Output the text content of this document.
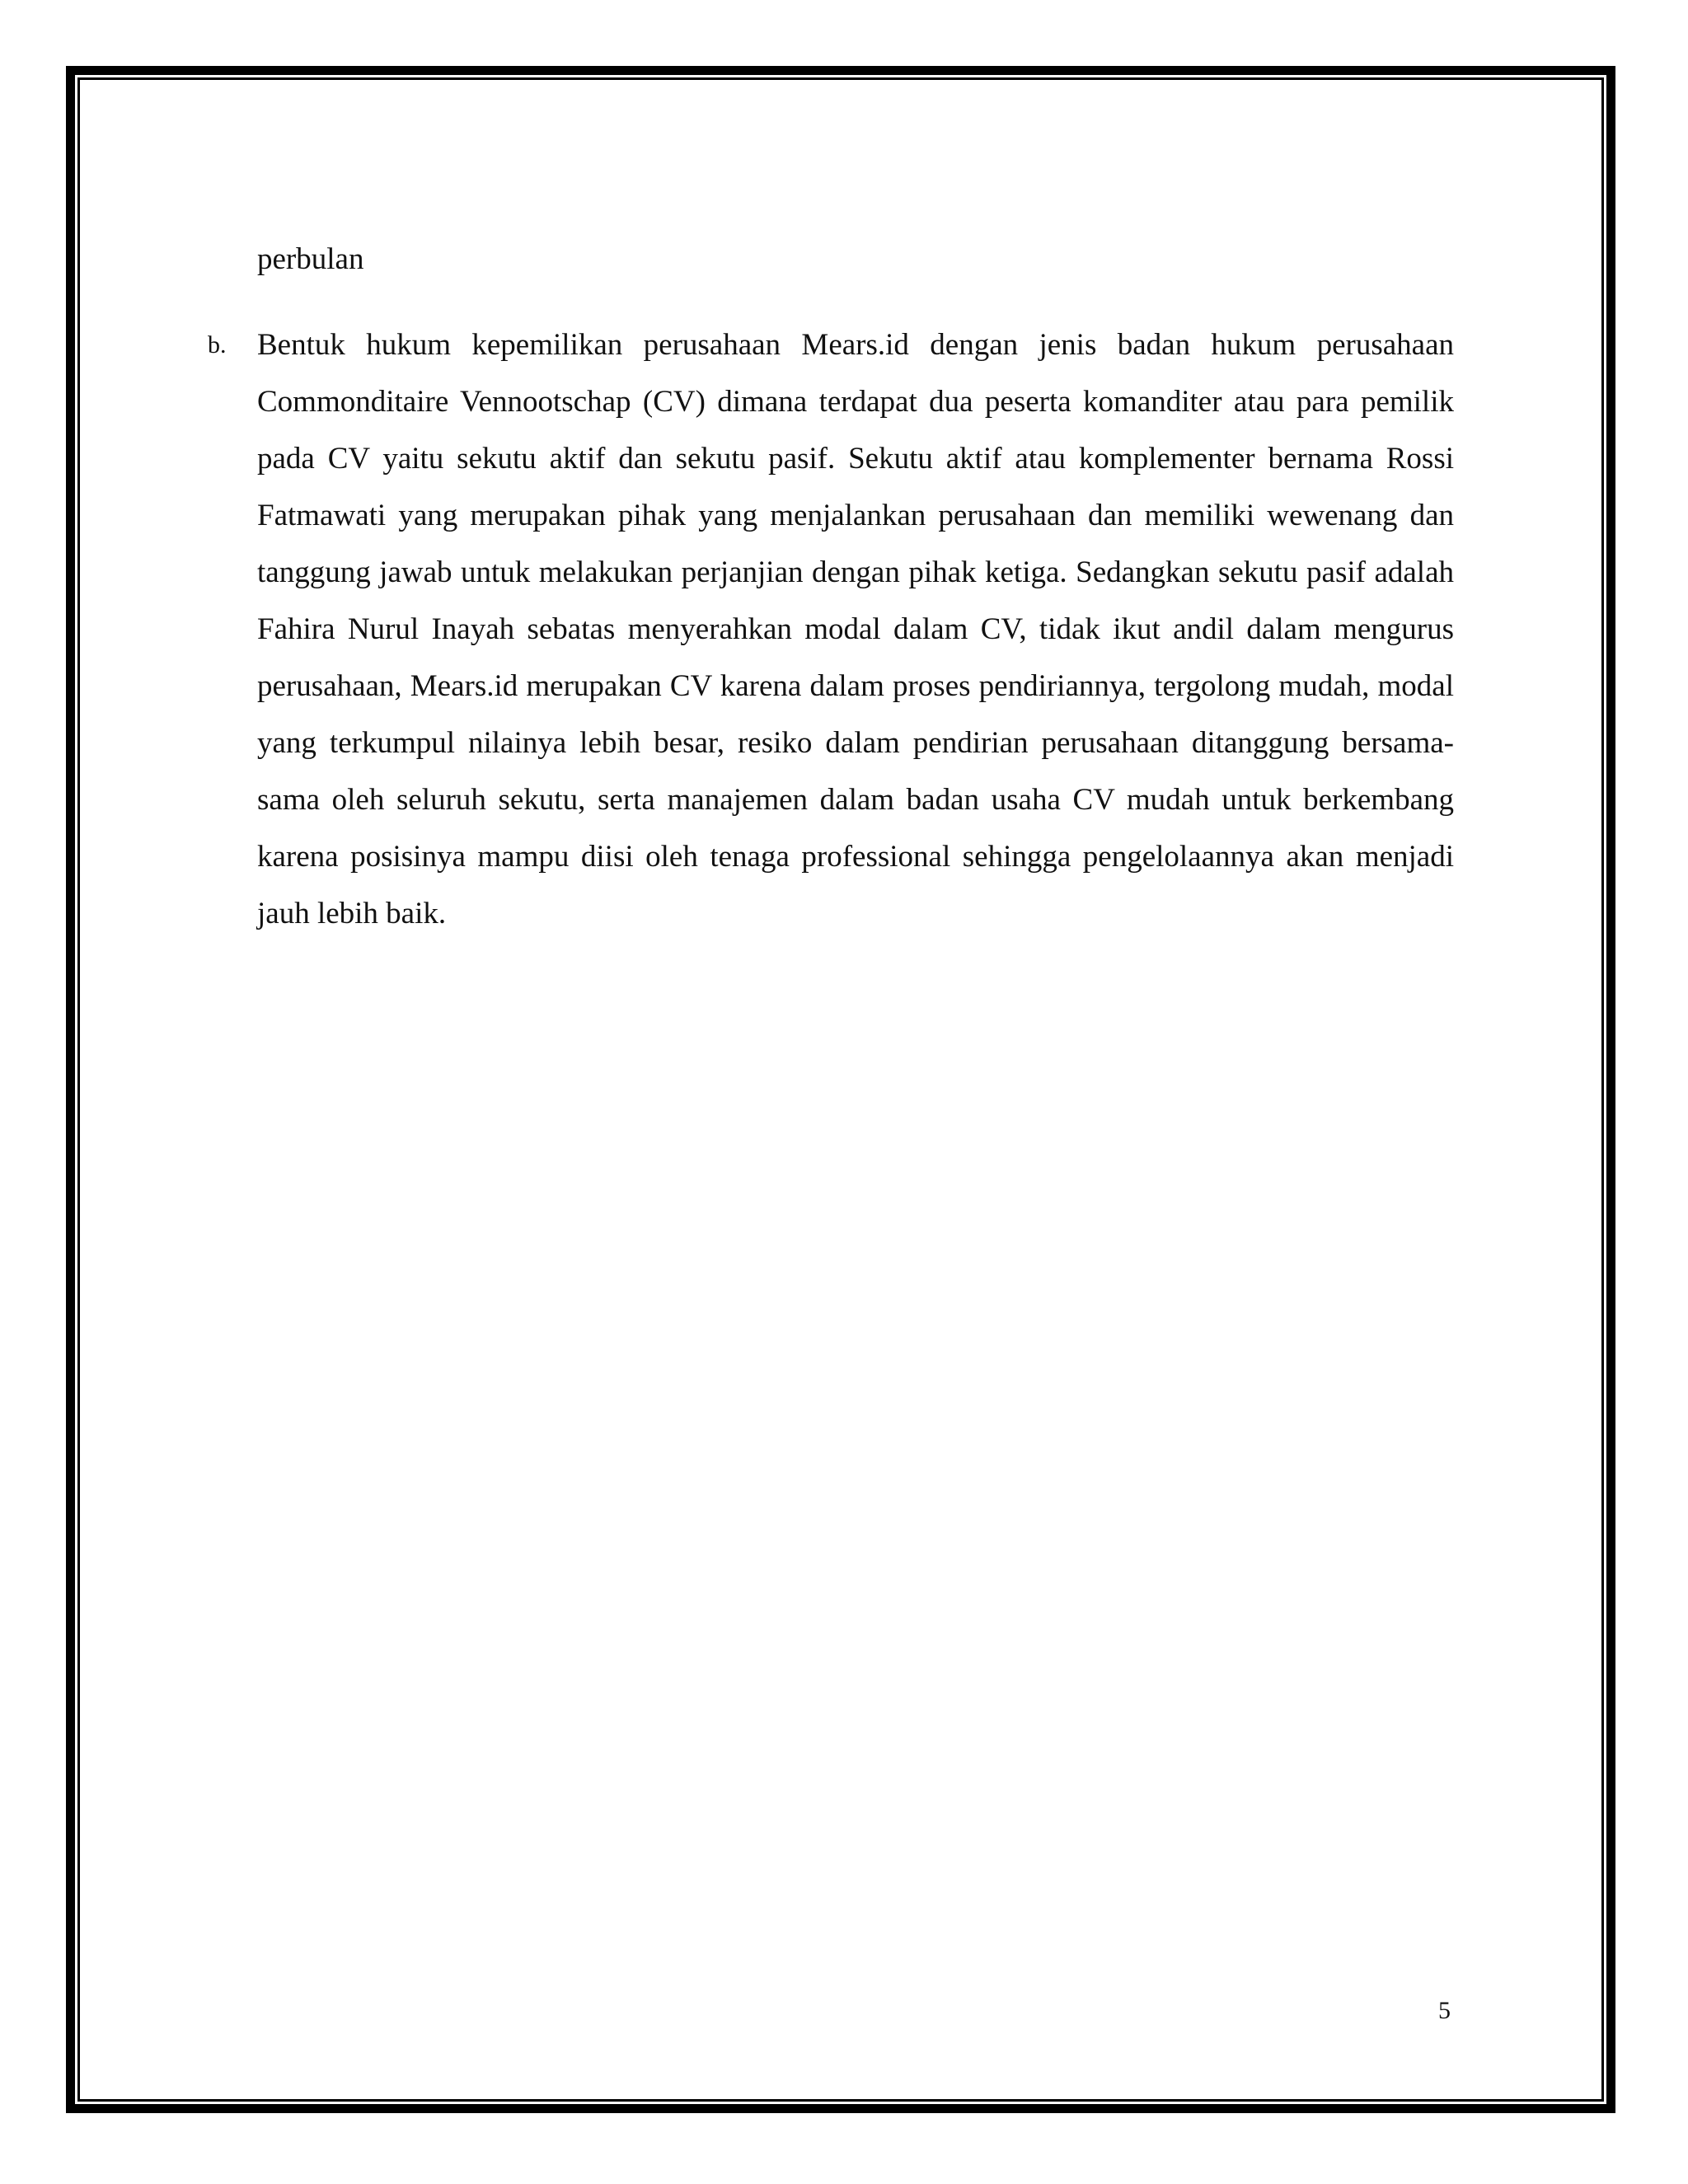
perbulan

b. Bentuk hukum kepemilikan perusahaan Mears.id dengan jenis badan hukum perusahaan Commonditaire Vennootschap (CV) dimana terdapat dua peserta komanditer atau para pemilik pada CV yaitu sekutu aktif dan sekutu pasif. Sekutu aktif atau komplementer bernama Rossi Fatmawati yang merupakan pihak yang menjalankan perusahaan dan memiliki wewenang dan tanggung jawab untuk melakukan perjanjian dengan pihak ketiga. Sedangkan sekutu pasif adalah Fahira Nurul Inayah sebatas menyerahkan modal dalam CV, tidak ikut andil dalam mengurus perusahaan, Mears.id merupakan CV karena dalam proses pendiriannya, tergolong mudah, modal yang terkumpul nilainya lebih besar, resiko dalam pendirian perusahaan ditanggung bersama-sama oleh seluruh sekutu, serta manajemen dalam badan usaha CV mudah untuk berkembang karena posisinya mampu diisi oleh tenaga professional sehingga pengelolaannya akan menjadi jauh lebih baik.

5
